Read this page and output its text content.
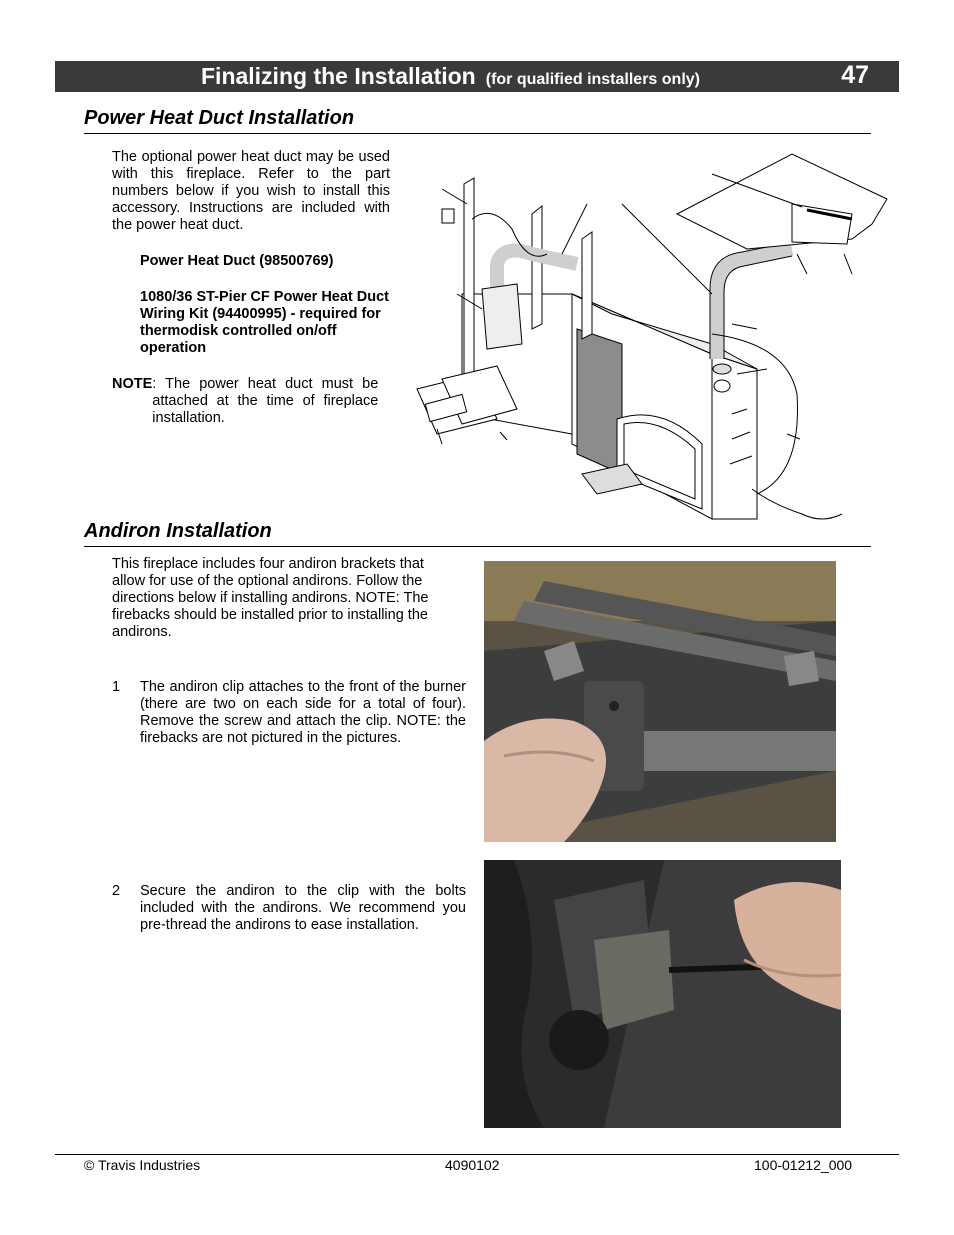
Finalizing the Installation (for qualified installers only)	47
Power Heat Duct Installation
The optional power heat duct may be used with this fireplace. Refer to the part numbers below if you wish to install this accessory. Instructions are included with the power heat duct.
Power Heat Duct (98500769)
1080/36 ST-Pier CF Power Heat Duct Wiring Kit (94400995) - required for thermodisk controlled on/off operation
NOTE : The power heat duct must be attached at the time of fireplace installation.
Andiron Installation
This fireplace includes four andiron brackets that allow for use of the optional andirons. Follow the directions below if installing andirons. NOTE: The firebacks should be installed prior to installing the andirons.
1 The andiron clip attaches to the front of the burner (there are two on each side for a total of four). Remove the screw and attach the clip. NOTE: the firebacks are not pictured in the pictures.
2 Secure the andiron to the clip with the bolts included with the andirons. We recommend you pre-thread the andirons to ease installation.
© Travis Industries	4090102	100-01212_000
